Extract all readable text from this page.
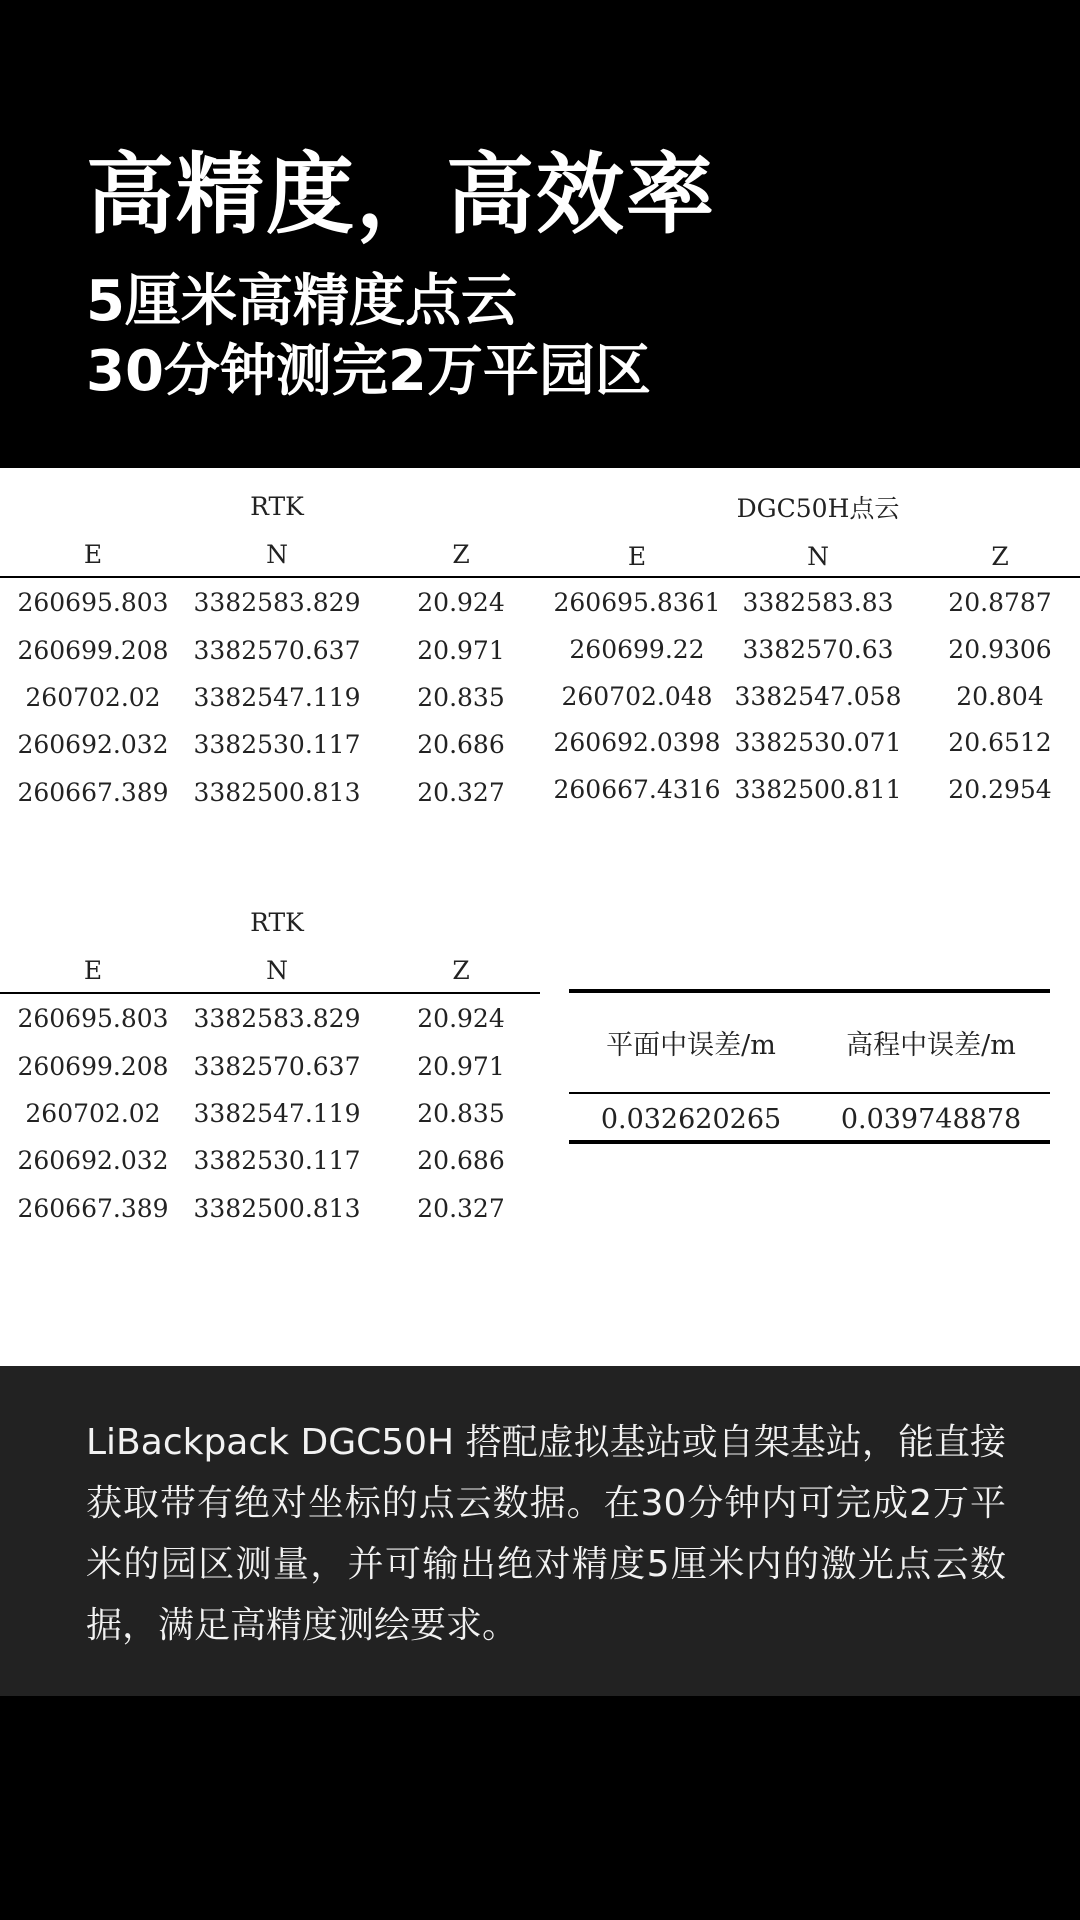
高精度，高效率
5厘米高精度点云
30分钟测完2万平园区
RTK
E	N	Z
260695.803 3382583.829 20.924
260699.208 3382570.637 20.971
260702.02 3382547.119 20.835
260692.032 3382530.117 20.686
260667.389 3382500.813 20.327
DGC50H点云
E	N	Z
260695.8361 3382583.83 20.8787
260699.22 3382570.63 20.9306
260702.048 3382547.058 20.804
260692.0398 3382530.071 20.6512
260667.4316 3382500.811 20.2954
RTK
E	N	Z
260695.803 3382583.829 20.924
260699.208 3382570.637 20.971
260702.02 3382547.119 20.835
260692.032 3382530.117 20.686
260667.389 3382500.813 20.327
平面中误差/m	高程中误差/m
0.032620265 0.039748878
LiBackpack DGC50H 搭配虚拟基站或自架基站，能直接获取带有绝对坐标的点云数据。在30分钟内可完成2万平米的园区测量，并可输出绝对精度5厘米内的激光点云数据，满足高精度测绘要求。
